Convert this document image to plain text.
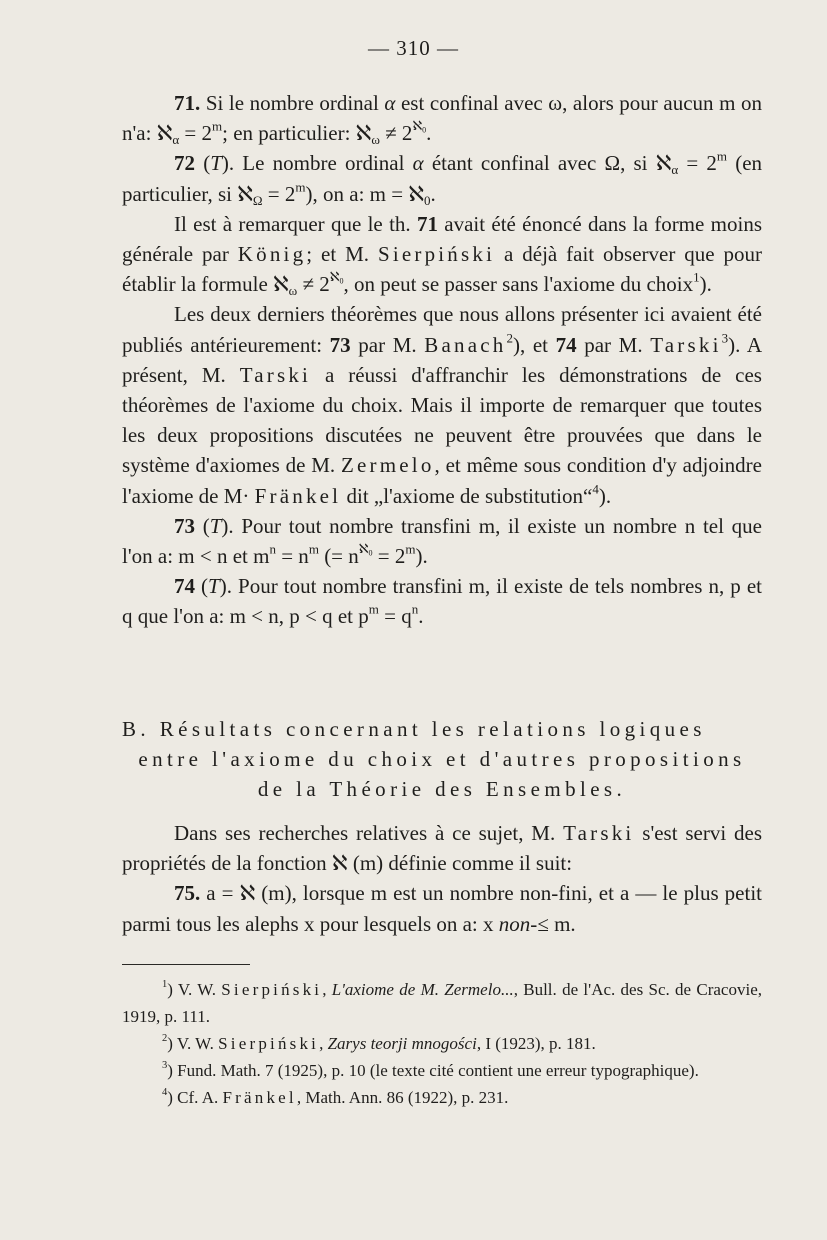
— 310 —

71. Si le nombre ordinal α est confinal avec ω, alors pour aucun m on n'a: ℵ$_\alpha$ = $2^m$; en particulier: ℵ$_\omega$ ≠ $2^{ℵ_0}$.

72 (T). Le nombre ordinal α étant confinal avec Ω, si ℵ$_\alpha$ = $2^m$ (en particulier, si ℵ$_\Omega$ = $2^m$), on a: m = ℵ$_0$.

Il est à remarquer que le th. 71 avait été énoncé dans la forme moins générale par König; et M. Sierpiński a déjà fait observer que pour établir la formule ℵ$_\omega$ ≠ $2^{ℵ_0}$, on peut se passer sans l'axiome du choix$^1$).

Les deux derniers théorèmes que nous allons présenter ici avaient été publiés antérieurement: 73 par M. Banach$^2$), et 74 par M. Tarski$^3$). A présent, M. Tarski a réussi d'affranchir les démonstrations de ces théorèmes de l'axiome du choix. Mais il importe de remarquer que toutes les deux propositions discutées ne peuvent être prouvées que dans le système d'axiomes de M. Zermelo, et même sous condition d'y adjoindre l'axiome de M· Fränkel dit „l'axiome de substitution“$^4$).

73 (T). Pour tout nombre transfini m, il existe un nombre n tel que l'on a: m < n et $m^n = n^m$ (= $n^{ℵ_0} = 2^m$).

74 (T). Pour tout nombre transfini m, il existe de tels nombres n, p et q que l'on a: m < n, p < q et $p^m = q^n$.

B. Résultats concernant les relations logiques

entre l'axiome du choix et d'autres propositions

de la Théorie des Ensembles.

Dans ses recherches relatives à ce sujet, M. Tarski s'est servi des propriétés de la fonction ℵ (m) définie comme il suit:

75. a = ℵ (m), lorsque m est un nombre non-fini, et a — le plus petit parmi tous les alephs x pour lesquels on a: x non-≤ m.

$^1$) V. W. Sierpiński, L'axiome de M. Zermelo..., Bull. de l'Ac. des Sc. de Cracovie, 1919, p. 111.

$^2$) V. W. Sierpiński, Zarys teorji mnogości, I (1923), p. 181.

$^3$) Fund. Math. 7 (1925), p. 10 (le texte cité contient une erreur typographique).

$^4$) Cf. A. Fränkel, Math. Ann. 86 (1922), p. 231.
